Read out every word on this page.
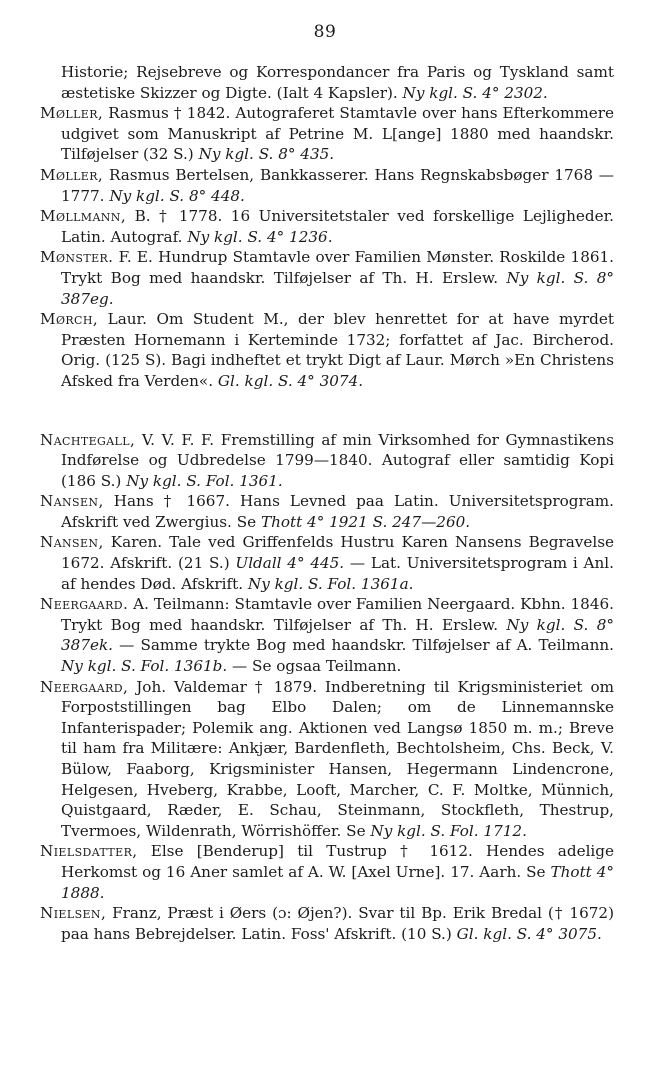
89

Historie; Rejsebreve og Korrespondancer fra Paris og Tyskland samt æstetiske Skizzer og Digte. (Ialt 4 Kapsler). Ny kgl. S. 4° 2302.

Møller, Rasmus † 1842. Autograferet Stamtavle over hans Efterkommere udgivet som Manuskript af Petrine M. L[ange] 1880 med haandskr. Tilføjelser (32 S.) Ny kgl. S. 8° 435.

Møller, Rasmus Bertelsen, Bankkasserer. Hans Regnskabsbøger 1768 —1777. Ny kgl. S. 8° 448.

Møllmann, B. † 1778. 16 Universitetstaler ved forskellige Lejligheder. Latin. Autograf. Ny kgl. S. 4° 1236.

Mønster. F. E. Hundrup Stamtavle over Familien Mønster. Roskilde 1861. Trykt Bog med haandskr. Tilføjelser af Th. H. Erslew. Ny kgl. S. 8° 387eg.

Mørch, Laur. Om Student M., der blev henrettet for at have myrdet Præsten Hornemann i Kerteminde 1732; forfattet af Jac. Bircherod. Orig. (125 S). Bagi indheftet et trykt Digt af Laur. Mørch »En Christens Afsked fra Verden«. Gl. kgl. S. 4° 3074.

Nachtegall, V. V. F. F. Fremstilling af min Virksomhed for Gymnastikens Indførelse og Udbredelse 1799—1840. Autograf eller samtidig Kopi (186 S.) Ny kgl. S. Fol. 1361.

Nansen, Hans † 1667. Hans Levned paa Latin. Universitetsprogram. Afskrift ved Zwergius. Se Thott 4° 1921 S. 247—260.

Nansen, Karen. Tale ved Griffenfelds Hustru Karen Nansens Begravelse 1672. Afskrift. (21 S.) Uldall 4° 445. — Lat. Universitetsprogram i Anl. af hendes Død. Afskrift. Ny kgl. S. Fol. 1361a.

Neergaard. A. Teilmann: Stamtavle over Familien Neergaard. Kbhn. 1846. Trykt Bog med haandskr. Tilføjelser af Th. H. Erslew. Ny kgl. S. 8° 387ek. — Samme trykte Bog med haandskr. Tilføjelser af A. Teilmann. Ny kgl. S. Fol. 1361b. — Se ogsaa Teilmann.

Neergaard, Joh. Valdemar † 1879. Indberetning til Krigsministeriet om Forpoststillingen bag Elbo Dalen; om de Linnemannske Infanterispader; Polemik ang. Aktionen ved Langsø 1850 m. m.; Breve til ham fra Militære: Ankjær, Bardenfleth, Bechtolsheim, Chs. Beck, V. Bülow, Faaborg, Krigsminister Hansen, Hegermann Lindencrone, Helgesen, Hveberg, Krabbe, Looft, Marcher, C. F. Moltke, Münnich, Quistgaard, Ræder, E. Schau, Steinmann, Stockfleth, Thestrup, Tvermoes, Wildenrath, Wörrishöffer. Se Ny kgl. S. Fol. 1712.

Nielsdatter, Else [Benderup] til Tustrup † 1612. Hendes adelige Herkomst og 16 Aner samlet af A. W. [Axel Urne]. 17. Aarh. Se Thott 4° 1888.

Nielsen, Franz, Præst i Øers (ɔ: Øjen?). Svar til Bp. Erik Bredal († 1672) paa hans Bebrejdelser. Latin. Foss' Afskrift. (10 S.) Gl. kgl. S. 4° 3075.
